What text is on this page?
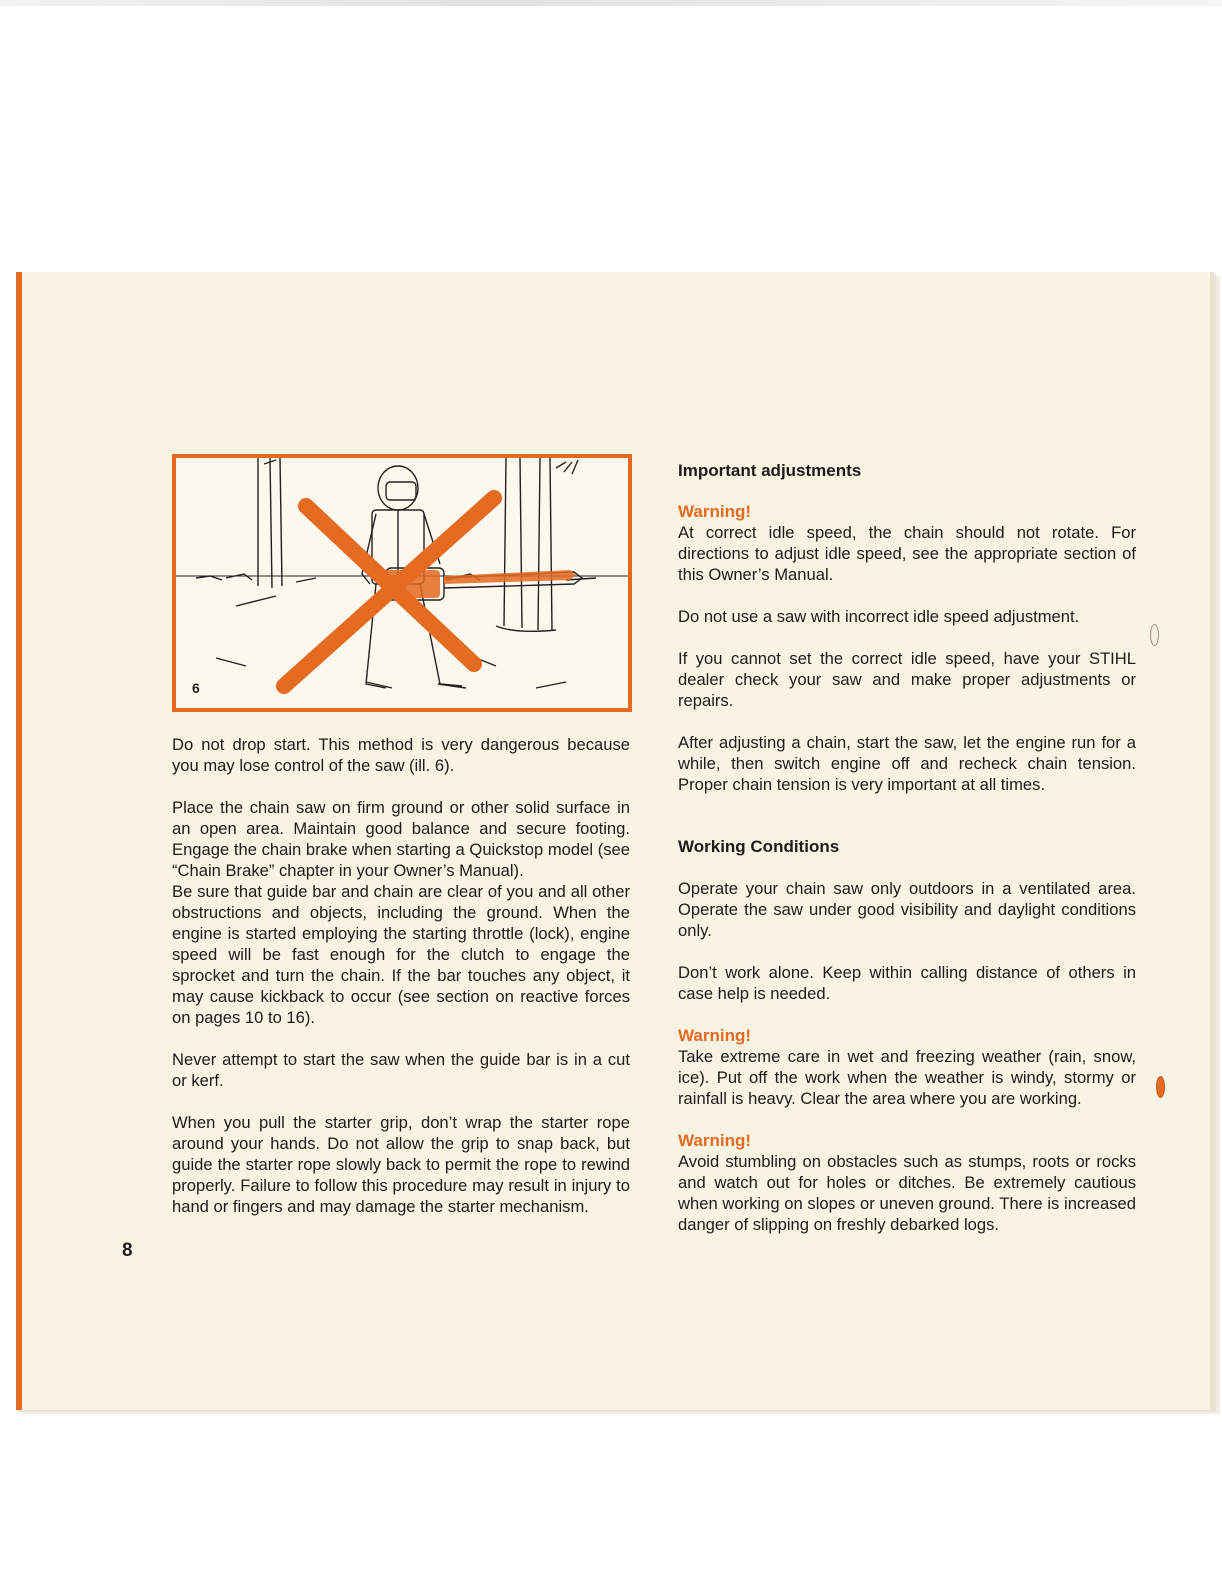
6

Do not drop start. This method is very dangerous because you may lose control of the saw (ill. 6).

Place the chain saw on firm ground or other solid surface in an open area. Maintain good balance and secure footing. Engage the chain brake when starting a Quickstop model (see “Chain Brake” chapter in your Owner’s Manual).

Be sure that guide bar and chain are clear of you and all other obstructions and objects, including the ground. When the engine is started employing the starting throttle (lock), engine speed will be fast enough for the clutch to engage the sprocket and turn the chain. If the bar touches any object, it may cause kickback to occur (see section on reactive forces on pages 10 to 16).

Never attempt to start the saw when the guide bar is in a cut or kerf.

When you pull the starter grip, don’t wrap the starter rope around your hands. Do not allow the grip to snap back, but guide the starter rope slowly back to permit the rope to rewind properly. Failure to follow this procedure may result in injury to hand or fingers and may damage the starter mechanism.

8
Important adjustments

Warning!
At correct idle speed, the chain should not rotate. For directions to adjust idle speed, see the appropriate section of this Owner’s Manual.

Do not use a saw with incorrect idle speed adjustment.

If you cannot set the correct idle speed, have your STIHL dealer check your saw and make proper adjustments or repairs.

After adjusting a chain, start the saw, let the engine run for a while, then switch engine off and recheck chain tension. Proper chain tension is very important at all times.

Working Conditions

Operate your chain saw only outdoors in a ventilated area. Operate the saw under good visibility and daylight conditions only.

Don’t work alone. Keep within calling distance of others in case help is needed.

Warning!
Take extreme care in wet and freezing weather (rain, snow, ice). Put off the work when the weather is windy, stormy or rainfall is heavy. Clear the area where you are working.

Warning!
Avoid stumbling on obstacles such as stumps, roots or rocks and watch out for holes or ditches. Be extremely cautious when working on slopes or uneven ground. There is increased danger of slipping on freshly debarked logs.
